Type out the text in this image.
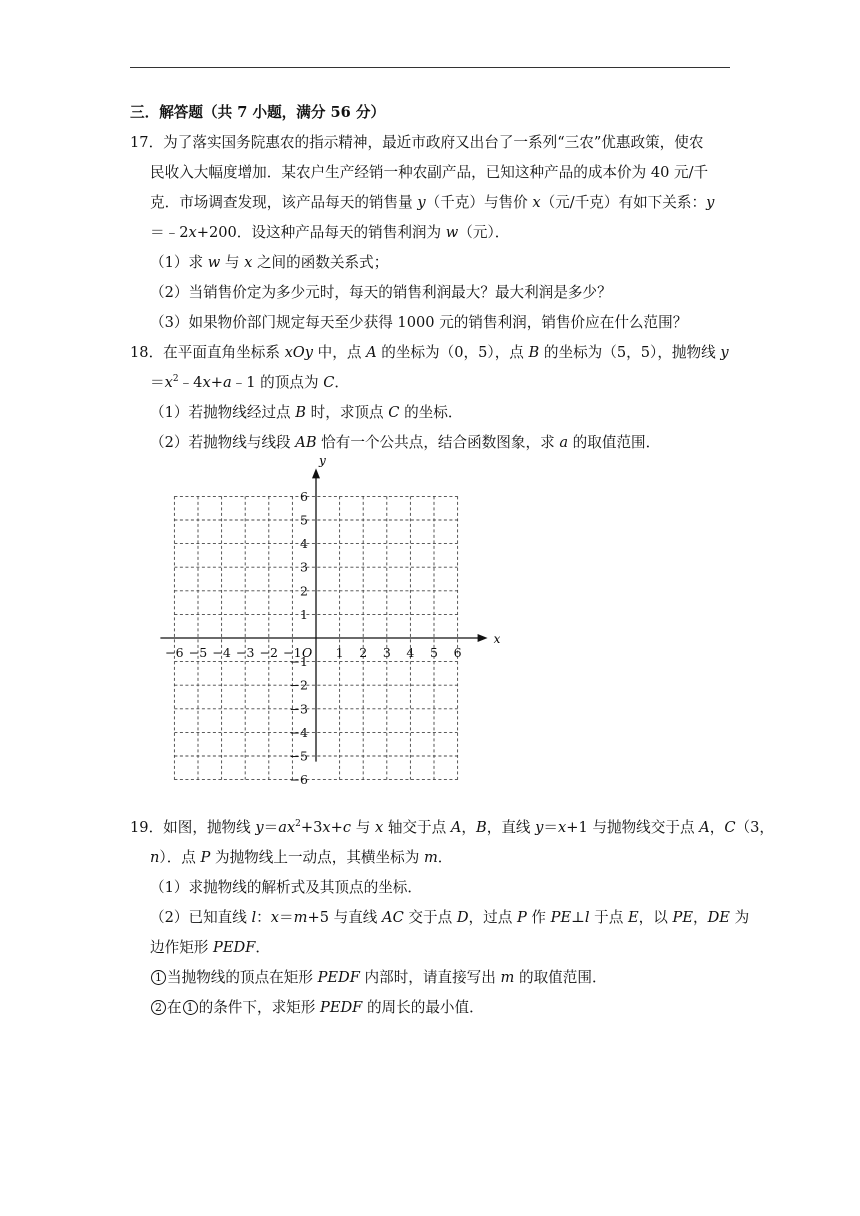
三．解答题（共 7 小题，满分 56 分）
17．为了落实国务院惠农的指示精神，最近市政府又出台了一系列“三农”优惠政策，使农
民收入大幅度增加．某农户生产经销一种农副产品，已知这种产品的成本价为 40 元/千
克．市场调查发现，该产品每天的销售量 y（千克）与售价 x（元/千克）有如下关系：y
＝﹣2x+200．设这种产品每天的销售利润为 w（元）．
（1）求 w 与 x 之间的函数关系式；
（2）当销售价定为多少元时，每天的销售利润最大？最大利润是多少？
（3）如果物价部门规定每天至少获得 1000 元的销售利润，销售价应在什么范围？
18．在平面直角坐标系 xOy 中，点 A 的坐标为（0，5），点 B 的坐标为（5，5），抛物线 y
$=x^2﹣4x+a﹣1$ 的顶点为 C．
（1）若抛物线经过点 B 时，求顶点 C 的坐标．
（2）若抛物线与线段 AB 恰有一个公共点，结合函数图象，求 a 的取值范围．
−6 −5 −4 −3 −2 −1	1 2 3 4 5 6
6
5
4
3
2
1
−1
−2
−3
−4
−5
−6
x
y
O
19．如图，抛物线 $y=ax^2+3x+c$ 与 x 轴交于点 A，B，直线 y＝x+1 与抛物线交于点 A，C（3，
n）．点 P 为抛物线上一动点，其横坐标为 m．
（1）求抛物线的解析式及其顶点的坐标．
（2）已知直线 l：x＝m+5 与直线 AC 交于点 D，过点 P 作 PE⊥l 于点 E，以 PE，DE 为
边作矩形 PEDF．
1 当抛物线的顶点在矩形 PEDF 内部时，请直接写出 m 的取值范围．
2 在 1 的条件下，求矩形 PEDF 的周长的最小值．
